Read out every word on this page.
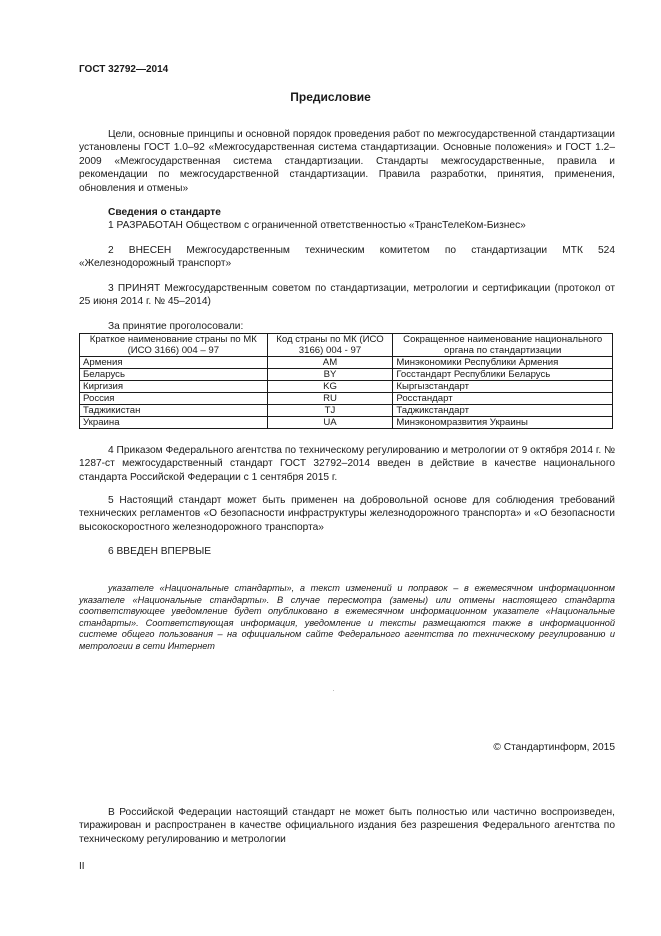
ГОСТ 32792—2014
Предисловие
Цели, основные принципы и основной порядок проведения работ по межгосударственной стандартизации установлены ГОСТ 1.0–92 «Межгосударственная система стандартизации. Основные положения» и ГОСТ 1.2–2009 «Межгосударственная система стандартизации. Стандарты межгосударственные, правила и рекомендации по межгосударственной стандартизации. Правила разработки, принятия, применения, обновления и отмены»
Сведения о стандарте
1 РАЗРАБОТАН Обществом с ограниченной ответственностью «ТрансТелеКом-Бизнес»
2 ВНЕСЕН Межгосударственным техническим комитетом по стандартизации МТК 524 «Железнодорожный транспорт»
3 ПРИНЯТ Межгосударственным советом по стандартизации, метрологии и сертификации (протокол от 25 июня 2014 г. № 45–2014)
За принятие проголосовали:
Краткое наименование страны по МК (ИСО 3166) 004 – 97	Код страны по МК (ИСО 3166) 004 - 97	Сокращенное наименование национального органа по стандартизации
Армения	AM	Минэкономики Республики Армения
Беларусь	BY	Госстандарт Республики Беларусь
Киргизия	KG	Кыргызстандарт
Россия	RU	Росстандарт
Таджикистан	TJ	Таджикстандарт
Украина	UA	Минэкономразвития Украины
4 Приказом Федерального агентства по техническому регулированию и метрологии от 9 октября 2014 г. № 1287-ст межгосударственный стандарт ГОСТ 32792–2014 введен в действие в качестве национального стандарта Российской Федерации с 1 сентября 2015 г.
5 Настоящий стандарт может быть применен на добровольной основе для соблюдения требований технических регламентов «О безопасности инфраструктуры железнодорожного транспорта» и «О безопасности высокоскоростного железнодорожного транспорта»
6 ВВЕДЕН ВПЕРВЫЕ
указателе «Национальные стандарты», а текст изменений и поправок – в ежемесячном информационном указателе «Национальные стандарты». В случае пересмотра (замены) или отмены настоящего стандарта соответствующее уведомление будет опубликовано в ежемесячном информационном указателе «Национальные стандарты». Соответствующая информация, уведомление и тексты размещаются также в информационной системе общего пользования – на официальном сайте Федерального агентства по техническому регулированию и метрологии в сети Интернет
© Стандартинформ, 2015
В Российской Федерации настоящий стандарт не может быть полностью или частично воспроизведен, тиражирован и распространен в качестве официального издания без разрешения Федерального агентства по техническому регулированию и метрологии
II
